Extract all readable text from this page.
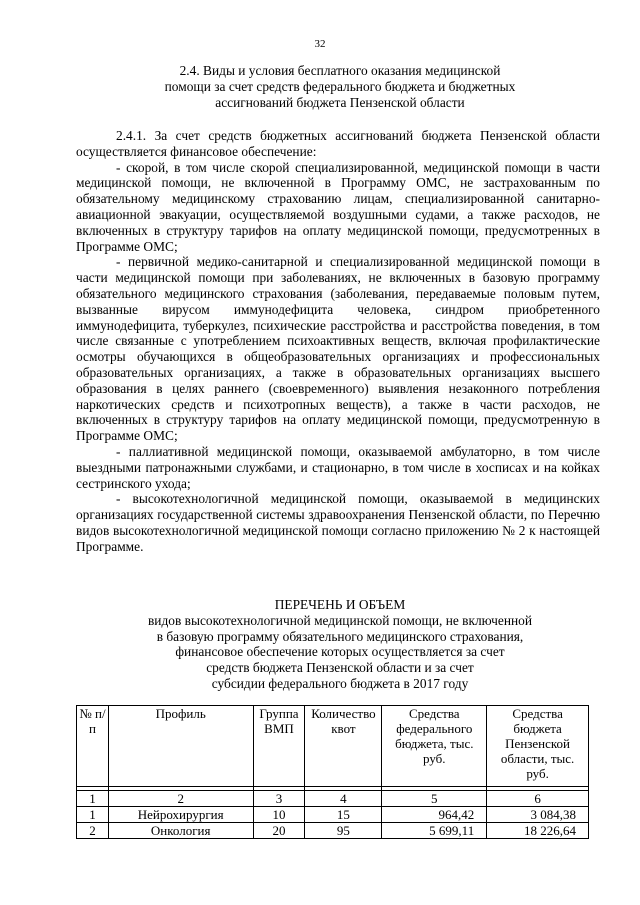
32
2.4. Виды и условия бесплатного оказания медицинской
помощи за счет средств федерального бюджета и бюджетных
ассигнований бюджета Пензенской области

2.4.1. За счет средств бюджетных ассигнований бюджета Пензенской области осуществляется финансовое обеспечение:

- скорой, в том числе скорой специализированной, медицинской помощи в части медицинской помощи, не включенной в Программу ОМС, не застрахованным по обязательному медицинскому страхованию лицам, специализированной санитарно-авиационной эвакуации, осуществляемой воздушными судами, а также расходов, не включенных в структуру тарифов на оплату медицинской помощи, предусмотренных в Программе ОМС;

- первичной медико-санитарной и специализированной медицинской помощи в части медицинской помощи при заболеваниях, не включенных в базовую программу обязательного медицинского страхования (заболевания, передаваемые половым путем, вызванные вирусом иммунодефицита человека, синдром приобретенного иммунодефицита, туберкулез, психические расстройства и расстройства поведения, в том числе связанные с употреблением психоактивных веществ, включая профилактические осмотры обучающихся в общеобразовательных организациях и профессиональных образовательных организациях, а также в образовательных организациях высшего образования в целях раннего (своевременного) выявления незаконного потребления наркотических средств и психотропных веществ), а также в части расходов, не включенных в структуру тарифов на оплату медицинской помощи, предусмотренную в Программе ОМС;

- паллиативной медицинской помощи, оказываемой амбулаторно, в том числе выездными патронажными службами, и стационарно, в том числе в хосписах и на койках сестринского ухода;

- высокотехнологичной медицинской помощи, оказываемой в медицинских организациях государственной системы здравоохранения Пензенской области, по Перечню видов высокотехнологичной медицинской помощи согласно приложению № 2 к настоящей Программе.

ПЕРЕЧЕНЬ И ОБЪЕМ
видов высокотехнологичной медицинской помощи, не включенной
в базовую программу обязательного медицинского страхования,
финансовое обеспечение которых осуществляется за счет
средств бюджета Пензенской области и за счет
субсидии федерального бюджета в 2017 году
№ п/п	Профиль	Группа ВМП	Количество квот	Средства федерального бюджета, тыс. руб.	Средства бюджета Пензенской области, тыс. руб.

1	2	3	4	5	6
1	Нейрохирургия	10	15	964,42	3 084,38
2	Онкология	20	95	5 699,11	18 226,64
